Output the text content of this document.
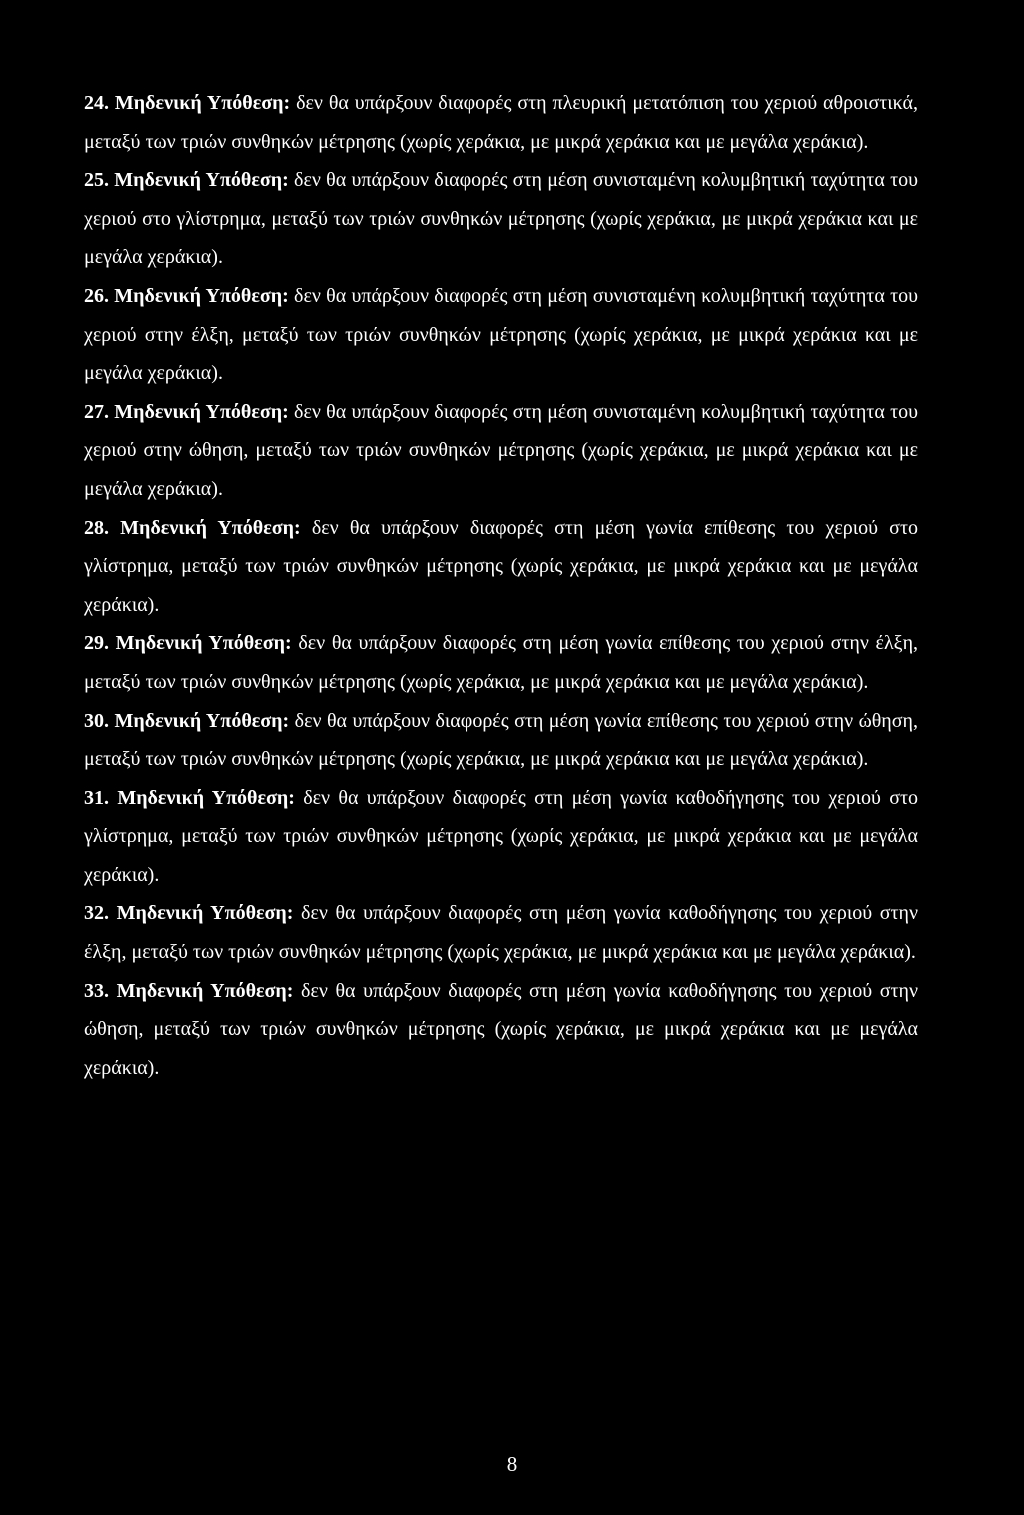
24. Μηδενική Υπόθεση: δεν θα υπάρξουν διαφορές στη πλευρική μετατόπιση του χεριού αθροιστικά, μεταξύ των τριών συνθηκών μέτρησης (χωρίς χεράκια, με μικρά χεράκια και με μεγάλα χεράκια).
25. Μηδενική Υπόθεση: δεν θα υπάρξουν διαφορές στη μέση συνισταμένη κολυμβητική ταχύτητα του χεριού στο γλίστρημα, μεταξύ των τριών συνθηκών μέτρησης (χωρίς χεράκια, με μικρά χεράκια και με μεγάλα χεράκια).
26. Μηδενική Υπόθεση: δεν θα υπάρξουν διαφορές στη μέση συνισταμένη κολυμβητική ταχύτητα του χεριού στην έλξη, μεταξύ των τριών συνθηκών μέτρησης (χωρίς χεράκια, με μικρά χεράκια και με μεγάλα χεράκια).
27. Μηδενική Υπόθεση: δεν θα υπάρξουν διαφορές στη μέση συνισταμένη κολυμβητική ταχύτητα του χεριού στην ώθηση, μεταξύ των τριών συνθηκών μέτρησης (χωρίς χεράκια, με μικρά χεράκια και με μεγάλα χεράκια).
28. Μηδενική Υπόθεση: δεν θα υπάρξουν διαφορές στη μέση γωνία επίθεσης του χεριού στο γλίστρημα, μεταξύ των τριών συνθηκών μέτρησης (χωρίς χεράκια, με μικρά χεράκια και με μεγάλα χεράκια).
29. Μηδενική Υπόθεση: δεν θα υπάρξουν διαφορές στη μέση γωνία επίθεσης του χεριού στην έλξη, μεταξύ των τριών συνθηκών μέτρησης (χωρίς χεράκια, με μικρά χεράκια και με μεγάλα χεράκια).
30. Μηδενική Υπόθεση: δεν θα υπάρξουν διαφορές στη μέση γωνία επίθεσης του χεριού στην ώθηση, μεταξύ των τριών συνθηκών μέτρησης (χωρίς χεράκια, με μικρά χεράκια και με μεγάλα χεράκια).
31. Μηδενική Υπόθεση: δεν θα υπάρξουν διαφορές στη μέση γωνία καθοδήγησης του χεριού στο γλίστρημα, μεταξύ των τριών συνθηκών μέτρησης (χωρίς χεράκια, με μικρά χεράκια και με μεγάλα χεράκια).
32. Μηδενική Υπόθεση: δεν θα υπάρξουν διαφορές στη μέση γωνία καθοδήγησης του χεριού στην έλξη, μεταξύ των τριών συνθηκών μέτρησης (χωρίς χεράκια, με μικρά χεράκια και με μεγάλα χεράκια).
33. Μηδενική Υπόθεση: δεν θα υπάρξουν διαφορές στη μέση γωνία καθοδήγησης του χεριού στην ώθηση, μεταξύ των τριών συνθηκών μέτρησης (χωρίς χεράκια, με μικρά χεράκια και με μεγάλα χεράκια).
8
